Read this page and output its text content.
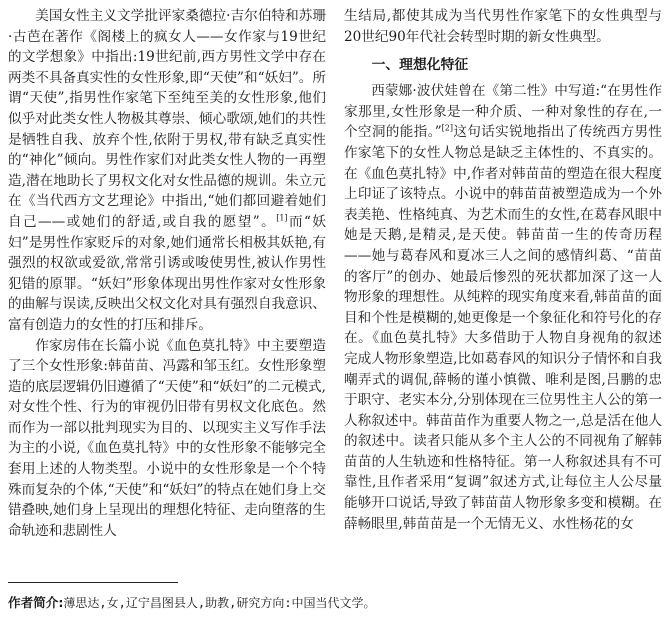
美国女性主义文学批评家桑德拉·吉尔伯特和苏珊·古芭在著作《阁楼上的疯女人——女作家与19世纪的文学想象》中指出:19世纪前,西方男性文学中存在两类不具备真实性的女性形象,即“天使”和“妖妇”。所谓“天使”,指男性作家笔下至纯至美的女性形象,他们似乎对此类女性人物极其尊崇、倾心歌颂,她们的共性是牺牲自我、放弃个性,依附于男权,带有缺乏真实性的“神化”倾向。男性作家们对此类女性人物的一再塑造,潜在地助长了男权文化对女性品德的规训。朱立元在《当代西方文艺理论》中指出,“她们都回避着她们自己——或她们的舒适,或自我的愿望”。[1]而“妖妇”是男性作家贬斥的对象,她们通常长相极其妖艳,有强烈的权欲或爱欲,常常引诱或唆使男性,被认作男性犯错的原罪。“妖妇”形象体现出男性作家对女性形象的曲解与误读,反映出父权文化对具有强烈自我意识、富有创造力的女性的打压和排斥。

作家房伟在长篇小说《血色莫扎特》中主要塑造了三个女性形象:韩苗苗、冯露和邹玉红。女性形象塑造的底层逻辑仍旧遵循了“天使”和“妖妇”的二元模式,对女性个性、行为的审视仍旧带有男权文化底色。然而作为一部以批判现实为目的、以现实主义写作手法为主的小说,《血色莫扎特》中的女性形象不能够完全套用上述的人物类型。小说中的女性形象是一个个特殊而复杂的个体,“天使”和“妖妇”的特点在她们身上交错叠映,她们身上呈现出的理想化特征、走向堕落的生命轨迹和悲剧性人

生结局,都使其成为当代男性作家笔下的女性典型与20世纪90年代社会转型时期的新女性典型。

一、理想化特征

西蒙娜·波伏娃曾在《第二性》中写道:“在男性作家那里,女性形象是一种介质、一种对象性的存在,一个空洞的能指。”[2]这句话实锐地指出了传统西方男性作家笔下的女性人物总是缺乏主体性的、不真实的。在《血色莫扎特》中,作者对韩苗苗的塑造在很大程度上印证了该特点。小说中的韩苗苗被塑造成为一个外表美艳、性格纯真、为艺术而生的女性,在葛春风眼中她是天鹅,是精灵,是天使。韩苗苗一生的传奇历程——她与葛春风和夏冰三人之间的感情纠葛、“苗苗的客厅”的创办、她最后惨烈的死状都加深了这一人物形象的理想性。从纯粹的现实角度来看,韩苗苗的面目和个性是模糊的,她更像是一个象征化和符号化的存在。《血色莫扎特》大多借助于人物自身视角的叙述完成人物形象塑造,比如葛春风的知识分子情怀和自我嘲弄式的调侃,薛畅的谨小慎微、唯利是图,吕鹏的忠于职守、老实本分,分别体现在三位男性主人公的第一人称叙述中。韩苗苗作为重要人物之一,总是活在他人的叙述中。读者只能从多个主人公的不同视角了解韩苗苗的人生轨迹和性格特征。第一人称叙述具有不可靠性,且作者采用“复调”叙述方式,让每位主人公尽量能够开口说话,导致了韩苗苗人物形象多变和模糊。在薛畅眼里,韩苗苗是一个无情无义、水性杨花的女

作者简介:薄思达,女,辽宁昌图县人,助教,研究方向:中国当代文学。
